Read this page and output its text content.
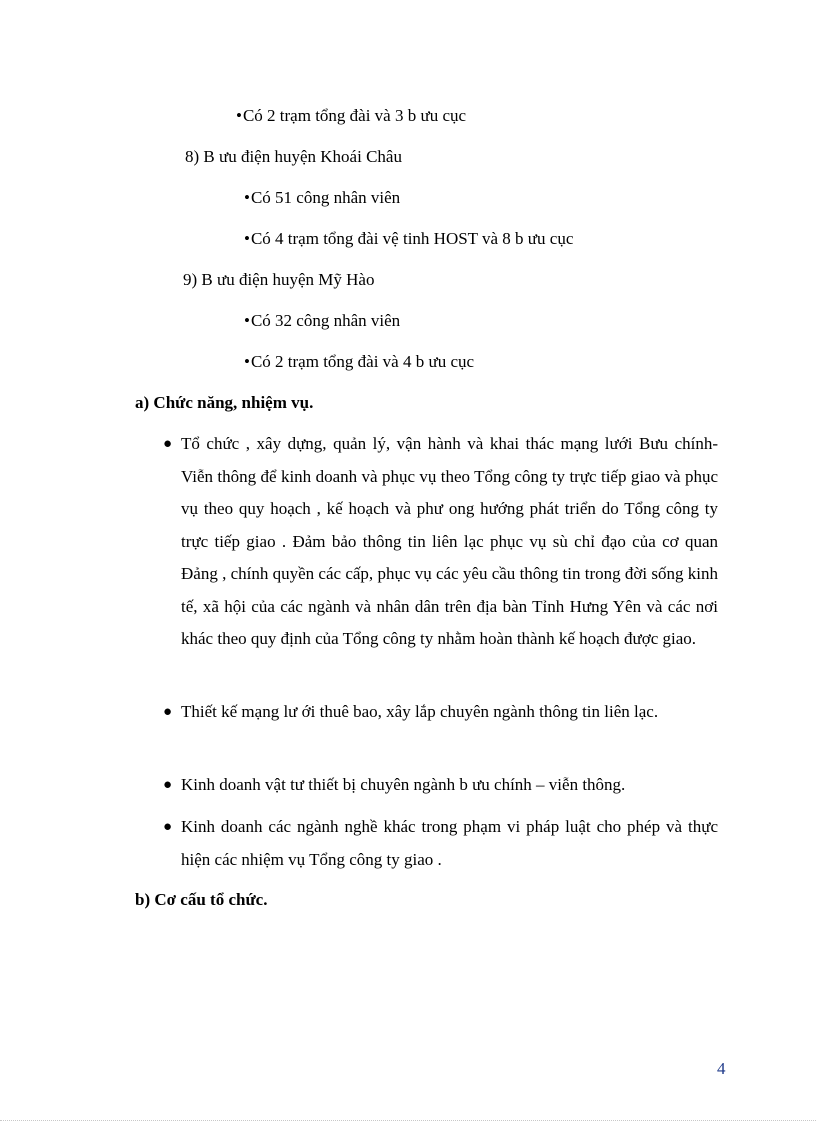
• Có 2 trạm tổng đài và 3 b ưu cục
8) B ưu điện huyện Khoái Châu
• Có 51 công nhân viên
• Có 4 trạm tổng đài vệ tinh HOST và 8 b ưu cục
9) B ưu điện huyện Mỹ Hào
• Có 32 công nhân viên
• Có 2 trạm tổng đài và 4 b ưu cục
a) Chức năng, nhiệm vụ.
● Tổ chức , xây dựng, quản lý, vận hành và khai thác mạng lưới Bưu chính- Viễn thông để kinh doanh và phục vụ theo Tổng công ty trực tiếp giao và phục vụ theo quy hoạch , kế hoạch và phư ong hướng phát triển do Tổng công ty trực tiếp giao . Đảm bảo thông tin liên lạc phục vụ sù chỉ đạo của cơ quan Đảng , chính quyền các cấp, phục vụ các yêu cầu thông tin trong đời sống kinh tế, xã hội của các ngành và nhân dân trên địa bàn Tỉnh Hưng Yên và các nơi khác theo quy định của Tổng công ty nhằm hoàn thành kế hoạch được giao.
● Thiết kế mạng lư ới thuê bao, xây lắp chuyên ngành thông tin liên lạc.
● Kinh doanh vật tư thiết bị chuyên ngành b ưu chính – viễn thông.
● Kinh doanh các ngành nghề khác trong phạm vi pháp luật cho phép và thực hiện các nhiệm vụ Tổng công ty giao .
b) Cơ cấu tổ chức.
4
